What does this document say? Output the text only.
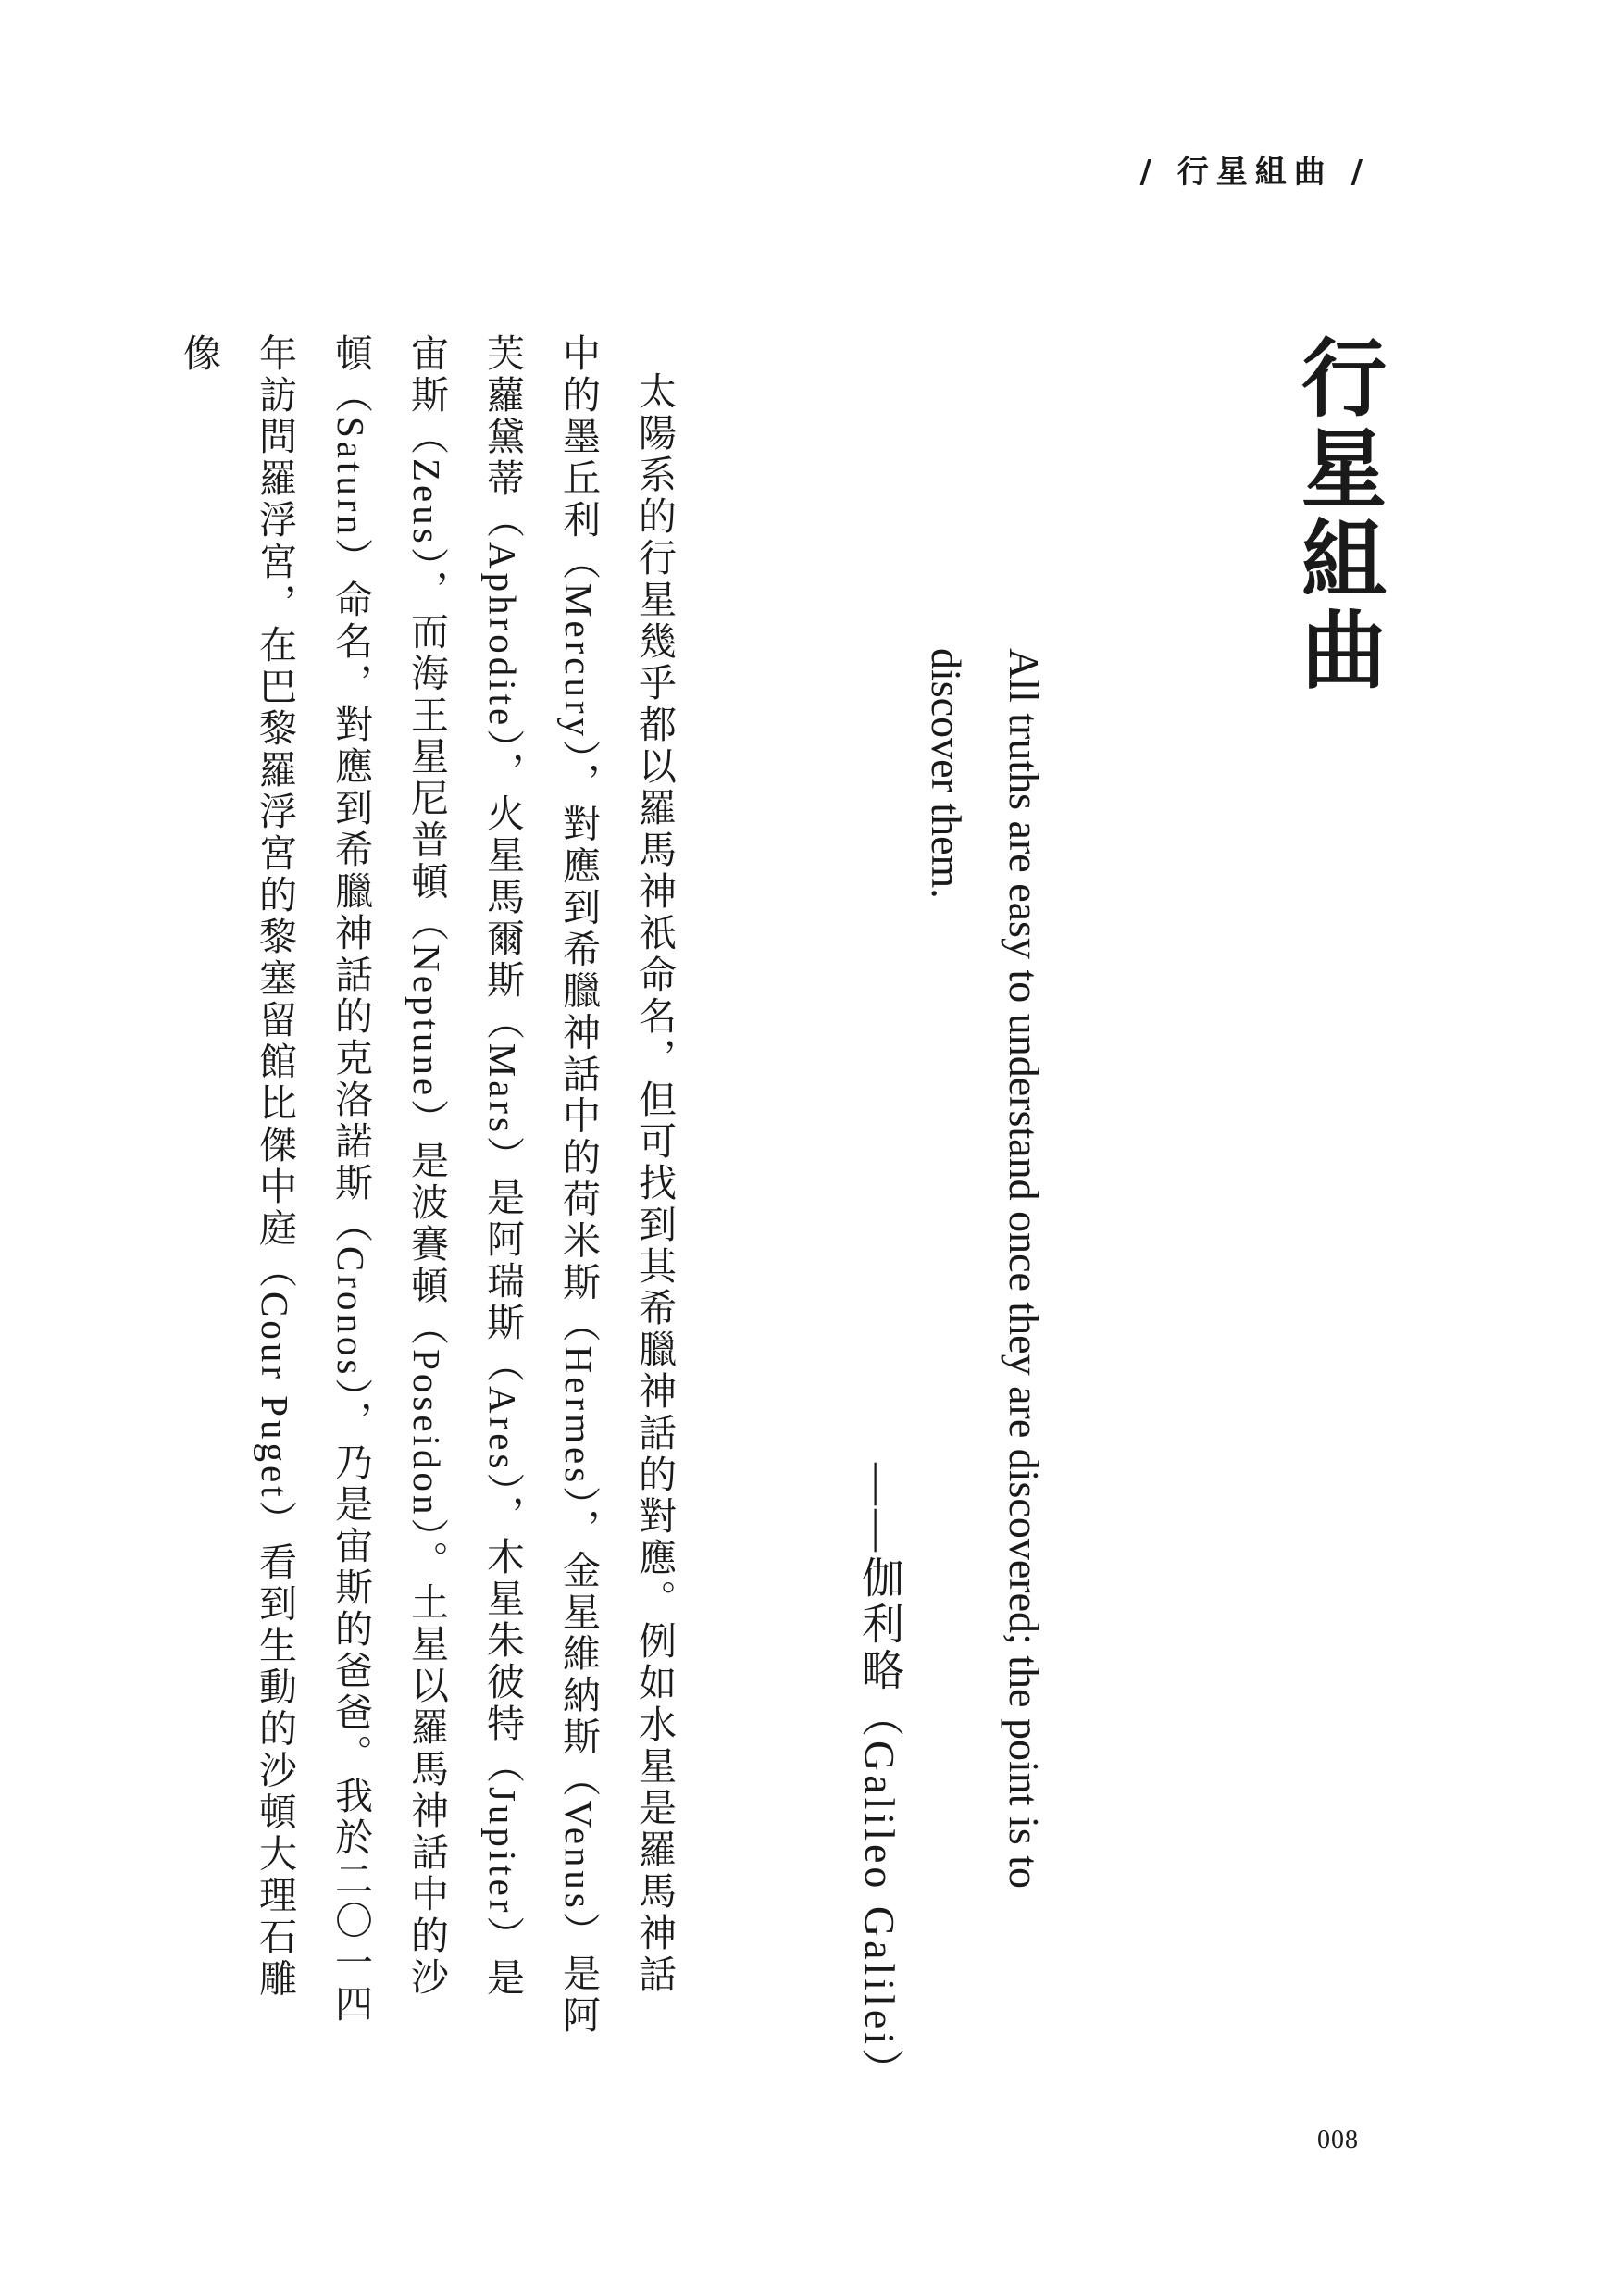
/ 行星組曲 /
行星組曲

All truths are easy to understand once they are discovered; the point is to discover them.

——伽利略（Galileo Galilei）

太陽系的行星幾乎都以羅馬神祇命名，但可找到其希臘神話的對應。例如水星是羅馬神話中的墨丘利（Mercury），對應到希臘神話中的荷米斯（Hermes），金星維納斯（Venus）是阿芙蘿黛蒂（Aphrodite），火星馬爾斯（Mars）是阿瑞斯（Ares），木星朱彼特（Jupiter）是宙斯（Zeus），而海王星尼普頓（Neptune）是波賽頓（Poseidon）。土星以羅馬神話中的沙頓（Saturn）命名，對應到希臘神話的克洛諾斯（Cronos），乃是宙斯的爸爸。我於二〇一四年訪問羅浮宮，在巴黎羅浮宮的黎塞留館比傑中庭（Cour Puget）看到生動的沙頓大理石雕像

008
